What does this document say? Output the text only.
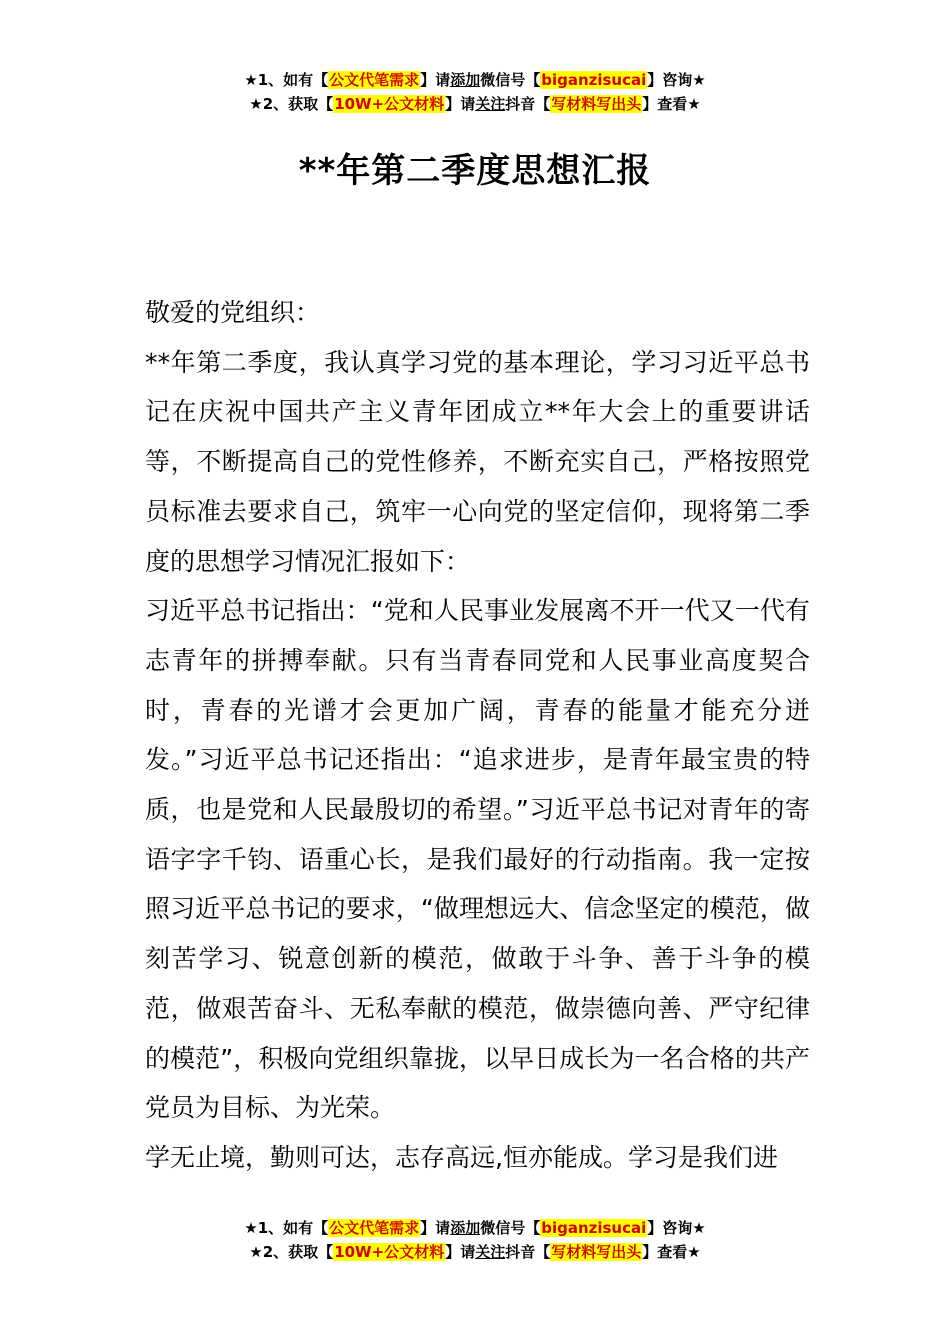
★1、如有【公文代笔需求】请添加微信号【biganzisucai】咨询★
★2、获取【10W+公文材料】请关注抖音【写材料写出头】查看★
**年第二季度思想汇报

敬爱的党组织：

**年第二季度，我认真学习党的基本理论，学习习近平总书记在庆祝中国共产主义青年团成立**年大会上的重要讲话等，不断提高自己的党性修养，不断充实自己，严格按照党员标准去要求自己，筑牢一心向党的坚定信仰，现将第二季度的思想学习情况汇报如下：

习近平总书记指出：“党和人民事业发展离不开一代又一代有志青年的拼搏奉献。只有当青春同党和人民事业高度契合时，青春的光谱才会更加广阔，青春的能量才能充分迸发。”习近平总书记还指出：“追求进步，是青年最宝贵的特质，也是党和人民最殷切的希望。”习近平总书记对青年的寄语字字千钧、语重心长，是我们最好的行动指南。我一定按照习近平总书记的要求，“做理想远大、信念坚定的模范，做刻苦学习、锐意创新的模范，做敢于斗争、善于斗争的模范，做艰苦奋斗、无私奉献的模范，做崇德向善、严守纪律的模范”，积极向党组织靠拢，以早日成长为一名合格的共产党员为目标、为光荣。

学无止境，勤则可达，志存高远,恒亦能成。学习是我们进

★1、如有【公文代笔需求】请添加微信号【biganzisucai】咨询★
★2、获取【10W+公文材料】请关注抖音【写材料写出头】查看★
